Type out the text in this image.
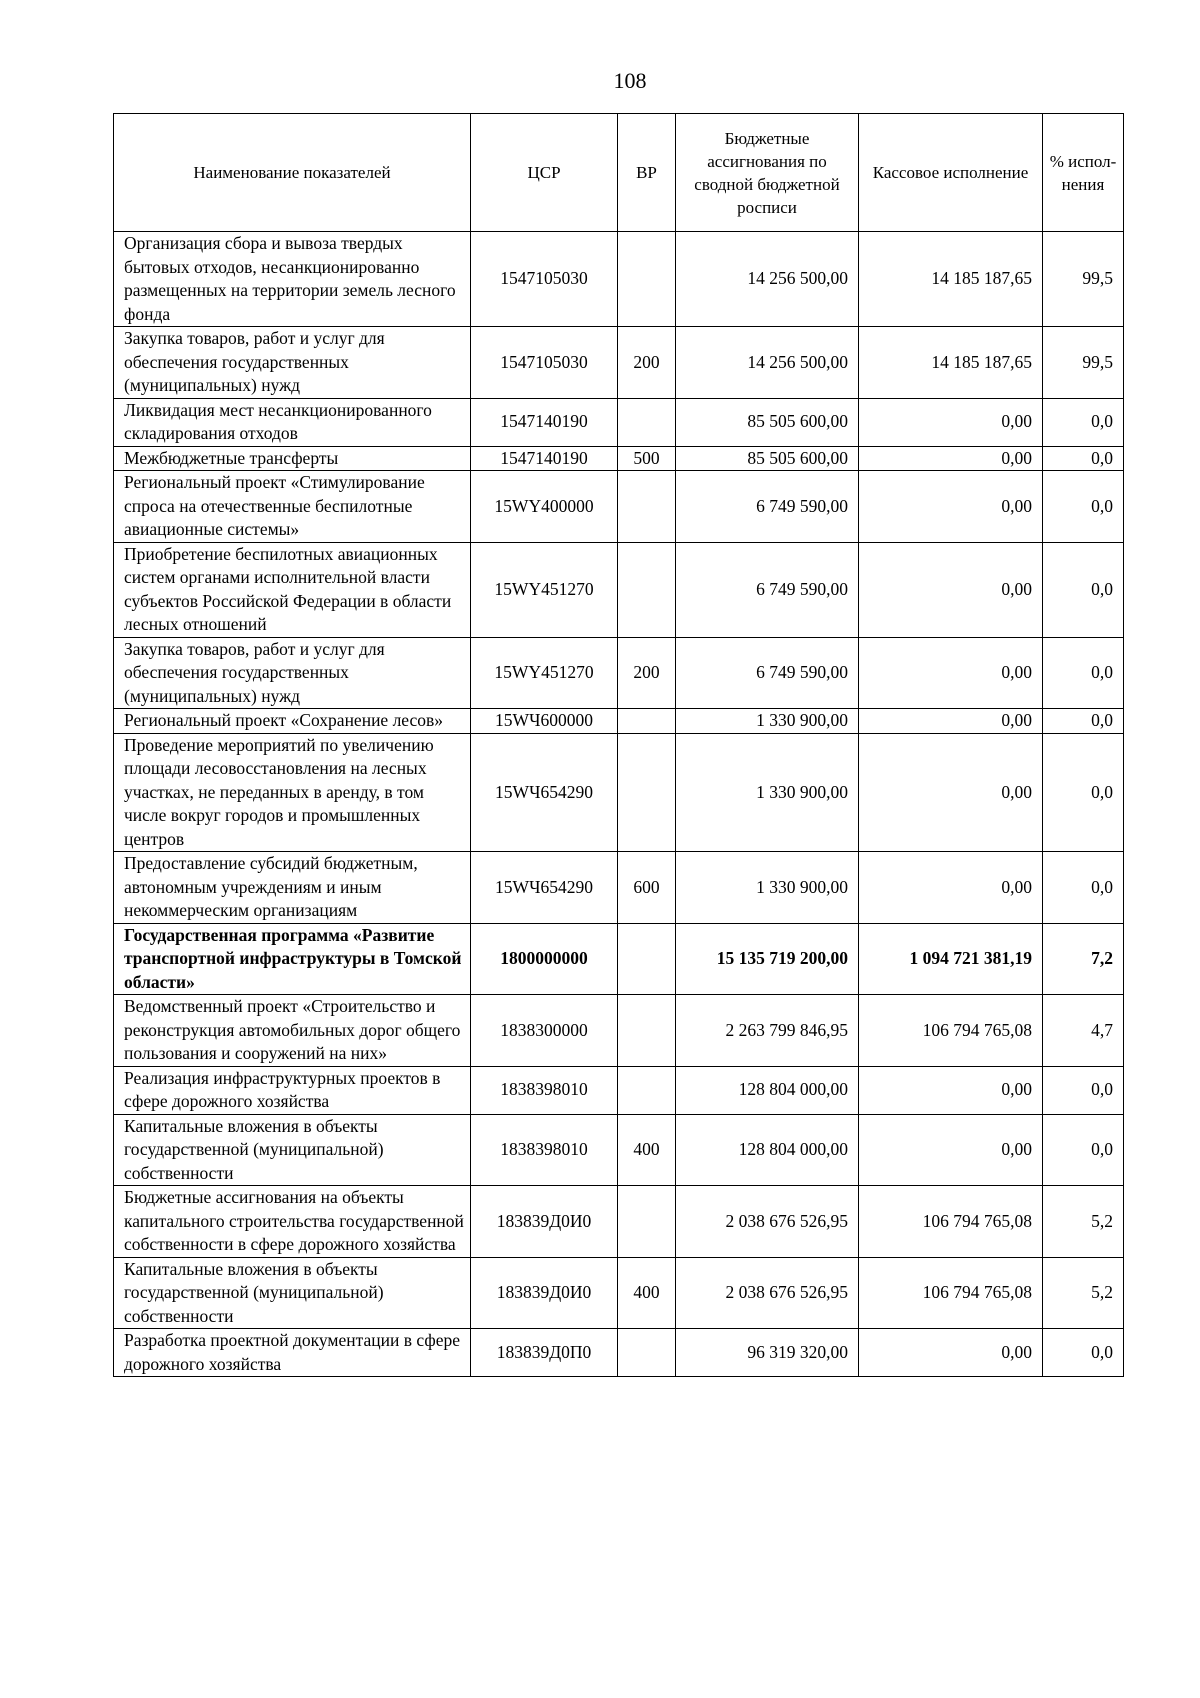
108
Наименование показателей	ЦСР	ВР	Бюджетные ассигнования по сводной бюджетной росписи	Кассовое исполнение	% испол-нения
Организация сбора и вывоза твердых бытовых отходов, несанкционированно размещенных на территории земель лесного фонда	1547105030		14 256 500,00	14 185 187,65	99,5
Закупка товаров, работ и услуг для обеспечения государственных (муниципальных) нужд	1547105030	200	14 256 500,00	14 185 187,65	99,5
Ликвидация мест несанкционированного складирования отходов	1547140190		85 505 600,00	0,00	0,0
Межбюджетные трансферты	1547140190	500	85 505 600,00	0,00	0,0
Региональный проект «Стимулирование спроса на отечественные беспилотные авиационные системы»	15WY400000		6 749 590,00	0,00	0,0
Приобретение беспилотных авиационных систем органами исполнительной власти субъектов Российской Федерации в области лесных отношений	15WY451270		6 749 590,00	0,00	0,0
Закупка товаров, работ и услуг для обеспечения государственных (муниципальных) нужд	15WY451270	200	6 749 590,00	0,00	0,0
Региональный проект «Сохранение лесов»	15WЧ600000		1 330 900,00	0,00	0,0
Проведение мероприятий по увеличению площади лесовосстановления на лесных участках, не переданных в аренду, в том числе вокруг городов и промышленных центров	15WЧ654290		1 330 900,00	0,00	0,0
Предоставление субсидий бюджетным, автономным учреждениям и иным некоммерческим организациям	15WЧ654290	600	1 330 900,00	0,00	0,0
Государственная программа «Развитие транспортной инфраструктуры в Томской области»	1800000000		15 135 719 200,00	1 094 721 381,19	7,2
Ведомственный проект «Строительство и реконструкция автомобильных дорог общего пользования и сооружений на них»	1838300000		2 263 799 846,95	106 794 765,08	4,7
Реализация инфраструктурных проектов в сфере дорожного хозяйства	1838398010		128 804 000,00	0,00	0,0
Капитальные вложения в объекты государственной (муниципальной) собственности	1838398010	400	128 804 000,00	0,00	0,0
Бюджетные ассигнования на объекты капитального строительства государственной собственности в сфере дорожного хозяйства	183839Д0И0		2 038 676 526,95	106 794 765,08	5,2
Капитальные вложения в объекты государственной (муниципальной) собственности	183839Д0И0	400	2 038 676 526,95	106 794 765,08	5,2
Разработка проектной документации в сфере дорожного хозяйства	183839Д0П0		96 319 320,00	0,00	0,0
